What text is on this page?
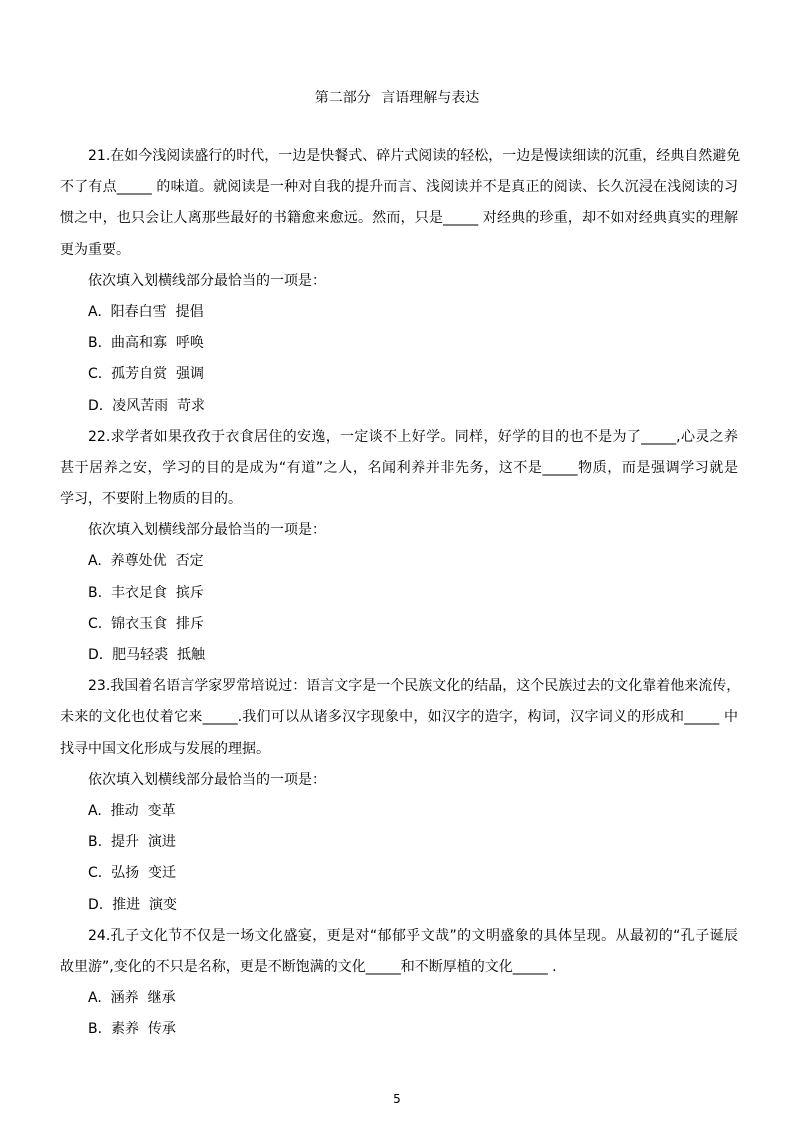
第二部分 言语理解与表达
21.在如今浅阅读盛行的时代，一边是快餐式、碎片式阅读的轻松，一边是慢读细读的沉重，经典自然避免
不了有点_____ 的味道。就阅读是一种对自我的提升而言、浅阅读并不是真正的阅读、长久沉浸在浅阅读的习
惯之中，也只会让人离那些最好的书籍愈来愈远。然而，只是_____ 对经典的珍重，却不如对经典真实的理解
更为重要。
依次填入划横线部分最恰当的一项是：
A.  阳春白雪  提倡
B.  曲高和寡  呼唤
C.  孤芳自赏  强调
D.  凌风苦雨  苛求
22.求学者如果孜孜于衣食居住的安逸，一定谈不上好学。同样，好学的目的也不是为了_____,心灵之养
甚于居养之安，学习的目的是成为“有道”之人，名闻利养并非先务，这不是_____物质，而是强调学习就是
学习，不要附上物质的目的。
依次填入划横线部分最恰当的一项是：
A.  养尊处优  否定
B.  丰衣足食  摈斥
C.  锦衣玉食  排斥
D.  肥马轻裘  抵触
23.我国着名语言学家罗常培说过：语言文字是一个民族文化的结晶，这个民族过去的文化靠着他来流传，
未来的文化也仗着它来_____.我们可以从诸多汉字现象中，如汉字的造字，构词，汉字词义的形成和_____ 中
找寻中国文化形成与发展的理据。
依次填入划横线部分最恰当的一项是：
A.  推动  变革
B.  提升  演进
C.  弘扬  变迁
D.  推进  演变
24.孔子文化节不仅是一场文化盛宴，更是对“郁郁乎文哉”的文明盛象的具体呈现。从最初的“孔子诞辰
故里游”,变化的不只是名称，更是不断饱满的文化_____和不断厚植的文化_____ .
A.  涵养  继承
B.  素养  传承
5
